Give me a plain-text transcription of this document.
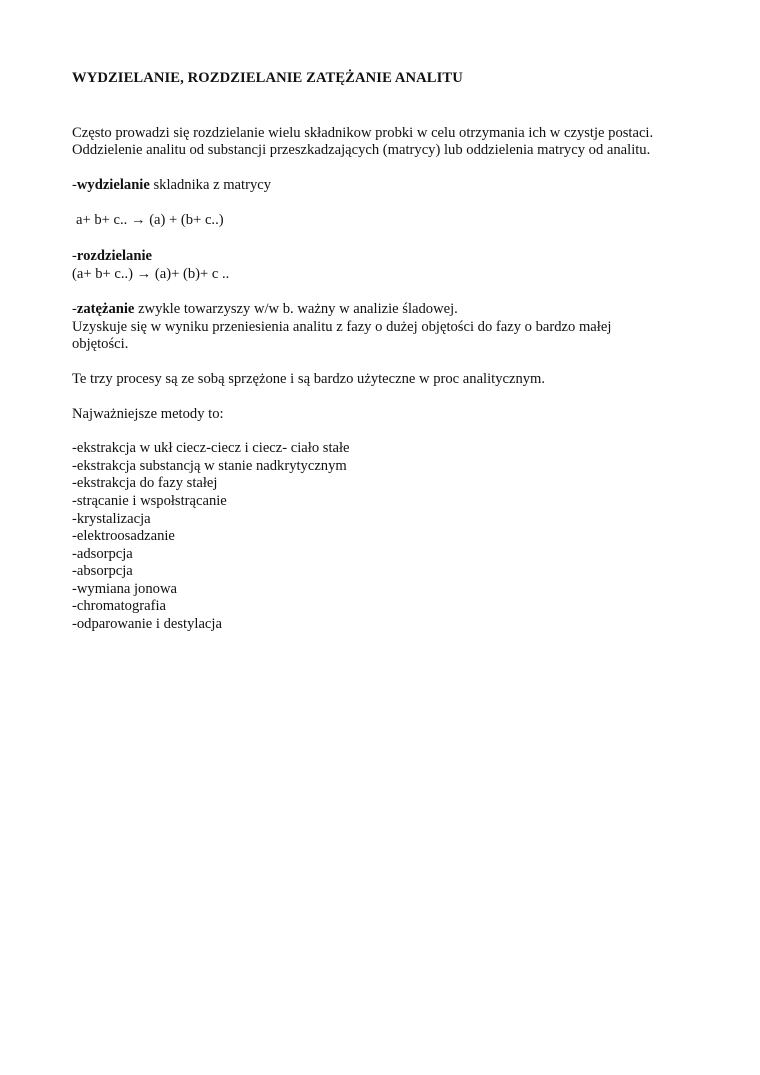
WYDZIELANIE, ROZDZIELANIE ZATĘŻANIE ANALITU

Często prowadzi się rozdzielanie wielu składnikow probki w celu otrzymania ich w czystje postaci.

Oddzielenie analitu od substancji przeszkadzających (matrycy) lub oddzielenia matrycy od analitu.

-wydzielanie skladnika z matrycy

a+ b+ c.. → (a) + (b+ c..)

-rozdzielanie

(a+ b+ c..) → (a)+ (b)+ c ..

-zatężanie zwykle towarzyszy w/w b. ważny w analizie śladowej.

Uzyskuje się w wyniku przeniesienia analitu z fazy o dużej objętości do fazy o bardzo małej

objętości.

Te trzy procesy są ze sobą sprzężone i są bardzo użyteczne w proc analitycznym.

Najważniejsze metody to:

-ekstrakcja w ukł ciecz-ciecz i ciecz- ciało stałe
-ekstrakcja substancją w stanie nadkrytycznym
-ekstrakcja do fazy stałej
-strącanie i wspołstrącanie
-krystalizacja
-elektroosadzanie
-adsorpcja
-absorpcja
-wymiana jonowa
-chromatografia
-odparowanie i destylacja
